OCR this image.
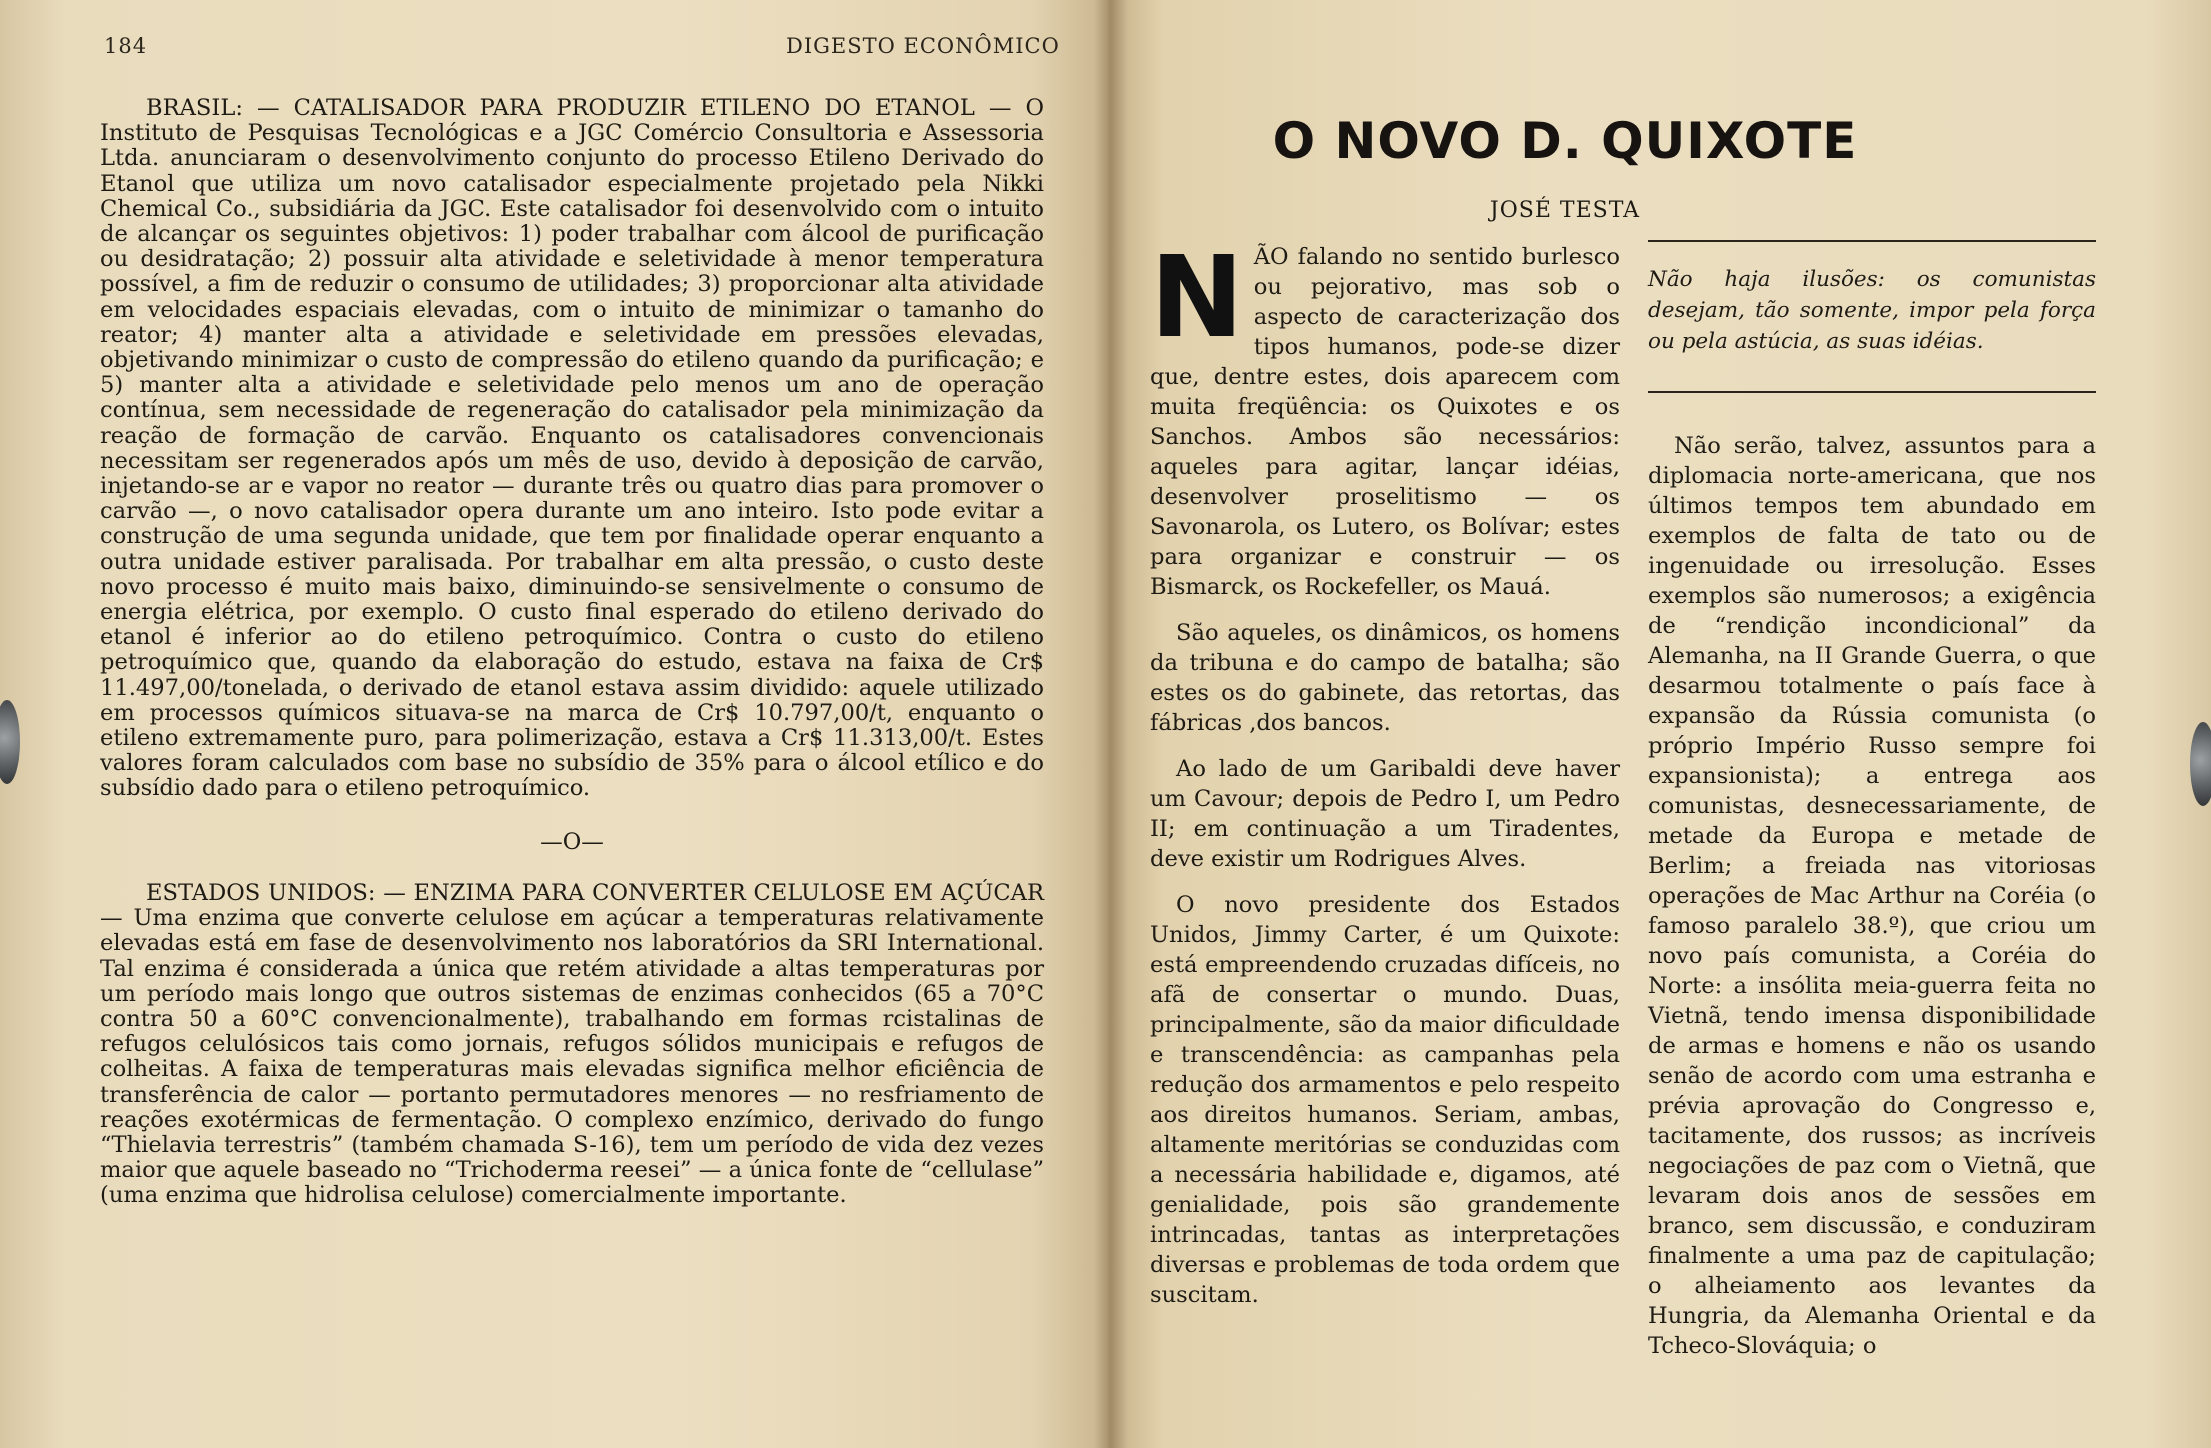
184	DIGESTO ECONÔMICO

BRASIL: — CATALISADOR PARA PRODUZIR ETILENO DO ETANOL — O Instituto de Pesquisas Tecnológicas e a JGC Comércio Consultoria e Assessoria Ltda. anunciaram o desenvolvimento conjunto do processo Etileno Derivado do Etanol que utiliza um novo catalisador especialmente projetado pela Nikki Chemical Co., subsidiária da JGC. Este catalisador foi desenvolvido com o intuito de alcançar os seguintes objetivos: 1) poder trabalhar com álcool de purificação ou desidratação; 2) possuir alta atividade e seletividade à menor temperatura possível, a fim de reduzir o consumo de utilidades; 3) proporcionar alta atividade em velocidades espaciais elevadas, com o intuito de minimizar o tamanho do reator; 4) manter alta a atividade e seletividade em pressões elevadas, objetivando minimizar o custo de compressão do etileno quando da purificação; e 5) manter alta a atividade e seletividade pelo menos um ano de operação contínua, sem necessidade de regeneração do catalisador pela minimização da reação de formação de carvão. Enquanto os catalisadores convencionais necessitam ser regenerados após um mês de uso, devido à deposição de carvão, injetando-se ar e vapor no reator — durante três ou quatro dias para promover o carvão —, o novo catalisador opera durante um ano inteiro. Isto pode evitar a construção de uma segunda unidade, que tem por finalidade operar enquanto a outra unidade estiver paralisada. Por trabalhar em alta pressão, o custo deste novo processo é muito mais baixo, diminuindo-se sensivelmente o consumo de energia elétrica, por exemplo. O custo final esperado do etileno derivado do etanol é inferior ao do etileno petroquímico. Contra o custo do etileno petroquímico que, quando da elaboração do estudo, estava na faixa de Cr$ 11.497,00/tonelada, o derivado de etanol estava assim dividido: aquele utilizado em processos químicos situava-se na marca de Cr$ 10.797,00/t, enquanto o etileno extremamente puro, para polimerização, estava a Cr$ 11.313,00/t. Estes valores foram calculados com base no subsídio de 35% para o álcool etílico e do subsídio dado para o etileno petroquímico.

—O—

ESTADOS UNIDOS: — ENZIMA PARA CONVERTER CELULOSE EM AÇÚCAR — Uma enzima que converte celulose em açúcar a temperaturas relativamente elevadas está em fase de desenvolvimento nos laboratórios da SRI International. Tal enzima é considerada a única que retém atividade a altas temperaturas por um período mais longo que outros sistemas de enzimas conhecidos (65 a 70°C contra 50 a 60°C convencionalmente), trabalhando em formas rcistalinas de refugos celulósicos tais como jornais, refugos sólidos municipais e refugos de colheitas. A faixa de temperaturas mais elevadas significa melhor eficiência de transferência de calor — portanto permutadores menores — no resfriamento de reações exotérmicas de fermentação. O complexo enzímico, derivado do fungo “Thielavia terrestris” (também chamada S-16), tem um período de vida dez vezes maior que aquele baseado no “Trichoderma reesei” — a única fonte de “cellulase” (uma enzima que hidrolisa celulose) comercialmente importante.

O NOVO D. QUIXOTE
JOSÉ TESTA

NÃO falando no sentido burlesco ou pejorativo, mas sob o aspecto de caracterização dos tipos humanos, pode-se dizer que, dentre estes, dois aparecem com muita freqüência: os Quixotes e os Sanchos. Ambos são necessários: aqueles para agitar, lançar idéias, desenvolver proselitismo — os Savonarola, os Lutero, os Bolívar; estes para organizar e construir — os Bismarck, os Rockefeller, os Mauá.

São aqueles, os dinâmicos, os homens da tribuna e do campo de batalha; são estes os do gabinete, das retortas, das fábricas ,dos bancos.

Ao lado de um Garibaldi deve haver um Cavour; depois de Pedro I, um Pedro II; em continuação a um Tiradentes, deve existir um Rodrigues Alves.

O novo presidente dos Estados Unidos, Jimmy Carter, é um Quixote: está empreendendo cruzadas difíceis, no afã de consertar o mundo. Duas, principalmente, são da maior dificuldade e transcendência: as campanhas pela redução dos armamentos e pelo respeito aos direitos humanos. Seriam, ambas, altamente meritórias se conduzidas com a necessária habilidade e, digamos, até genialidade, pois são grandemente intrincadas, tantas as interpretações diversas e problemas de toda ordem que suscitam.

Não haja ilusões: os comunistas desejam, tão somente, impor pela força ou pela astúcia, as suas idéias.

Não serão, talvez, assuntos para a diplomacia norte-americana, que nos últimos tempos tem abundado em exemplos de falta de tato ou de ingenuidade ou irresolução. Esses exemplos são numerosos; a exigência de “rendição incondicional” da Alemanha, na II Grande Guerra, o que desarmou totalmente o país face à expansão da Rússia comunista (o próprio Império Russo sempre foi expansionista); a entrega aos comunistas, desnecessariamente, de metade da Europa e metade de Berlim; a freiada nas vitoriosas operações de Mac Arthur na Coréia (o famoso paralelo 38.º), que criou um novo país comunista, a Coréia do Norte: a insólita meia-guerra feita no Vietnã, tendo imensa disponibilidade de armas e homens e não os usando senão de acordo com uma estranha e prévia aprovação do Congresso e, tacitamente, dos russos; as incríveis negociações de paz com o Vietnã, que levaram dois anos de sessões em branco, sem discussão, e conduziram finalmente a uma paz de capitulação; o alheiamento aos levantes da Hungria, da Alemanha Oriental e da Tcheco-Slováquia; o
